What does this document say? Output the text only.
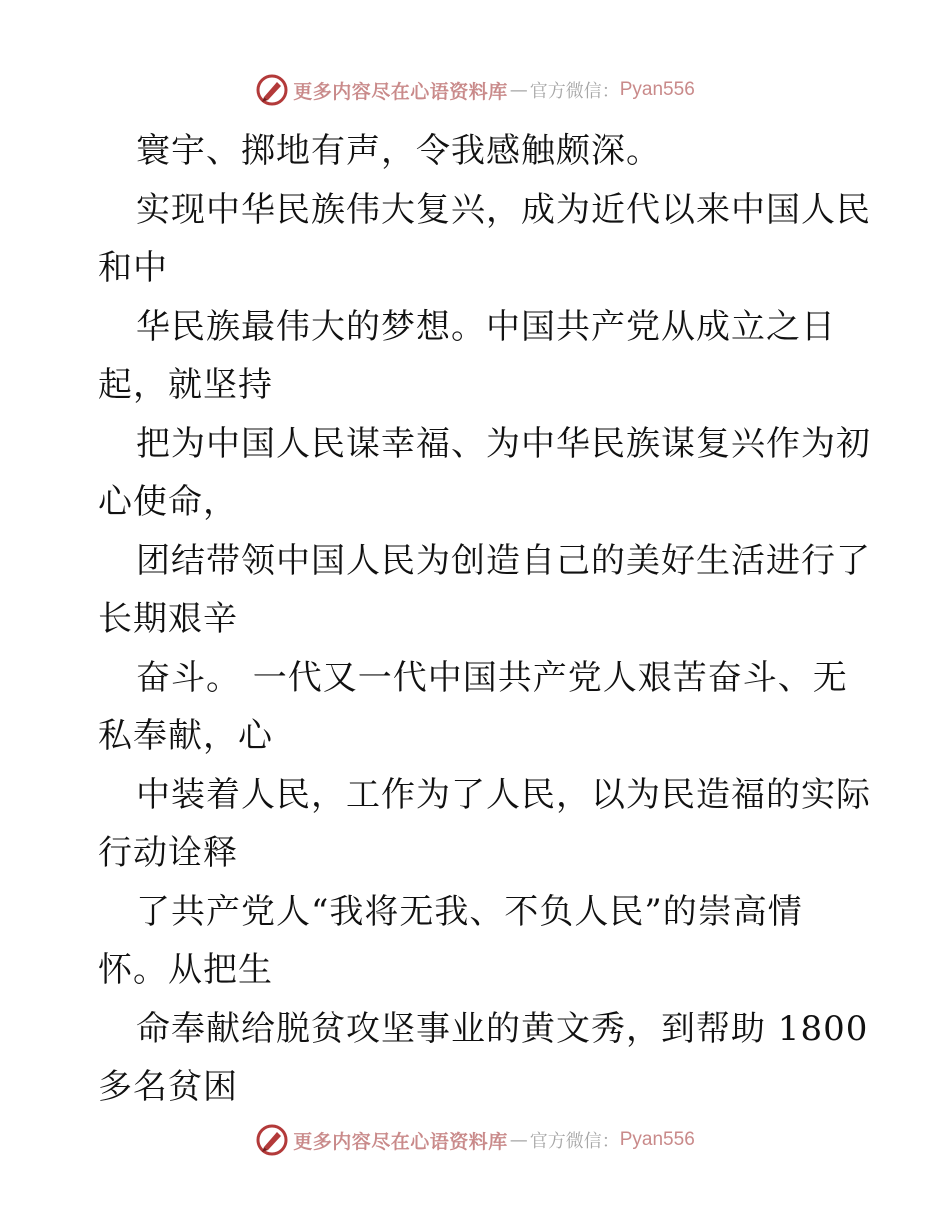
更多内容尽在心语资料库 — 官方微信： Pyan556
寰宇、掷地有声，令我感触颇深。
实现中华民族伟大复兴，成为近代以来中国人民
和中
华民族最伟大的梦想。中国共产党从成立之日
起，就坚持
把为中国人民谋幸福、为中华民族谋复兴作为初
心使命，
团结带领中国人民为创造自己的美好生活进行了
长期艰辛
奋斗。 一代又一代中国共产党人艰苦奋斗、无
私奉献，心
中装着人民，工作为了人民，以为民造福的实际
行动诠释
了共产党人“我将无我、不负人民”的崇高情
怀。从把生
命奉献给脱贫攻坚事业的黄文秀，到帮助 1800
多名贫困
更多内容尽在心语资料库 — 官方微信： Pyan556
